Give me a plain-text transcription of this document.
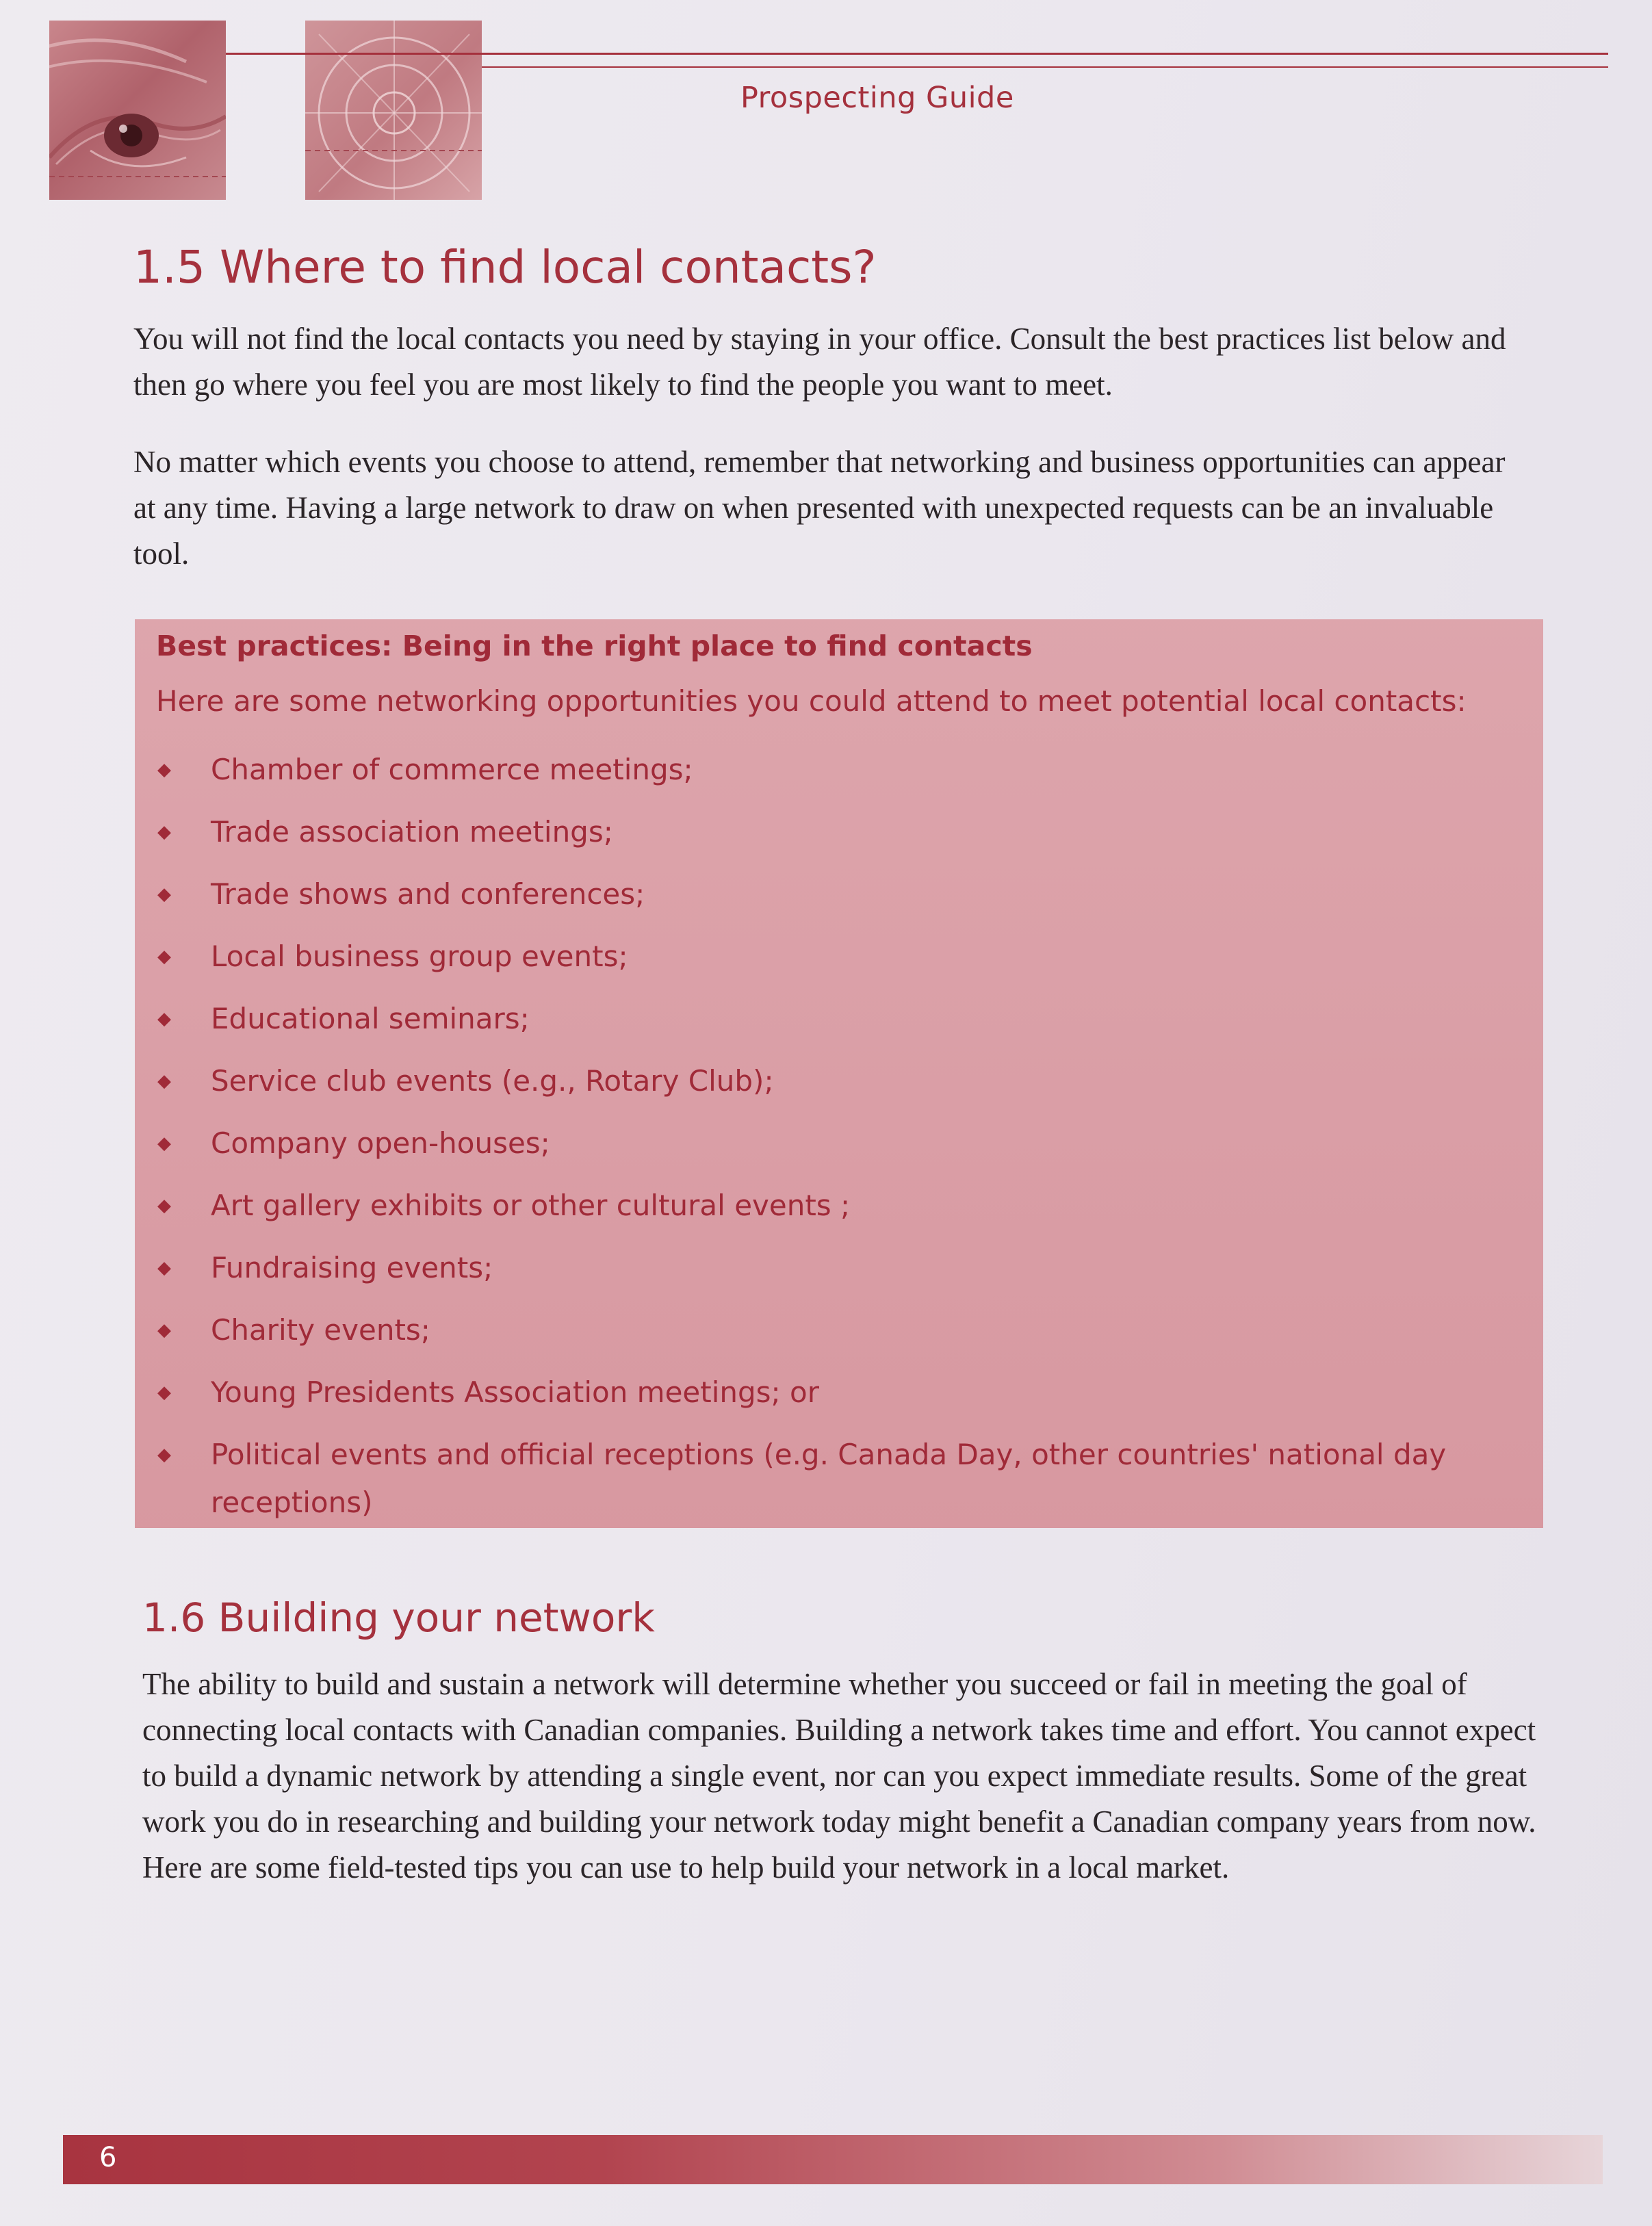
Prospecting Guide
1.5 Where to find local contacts?

You will not find the local contacts you need by staying in your office. Consult the best practices list below and then go where you feel you are most likely to find the people you want to meet.

No matter which events you choose to attend, remember that networking and business opportunities can appear at any time. Having a large network to draw on when presented with unexpected requests can be an invaluable tool.

Best practices: Being in the right place to find contacts
Here are some networking opportunities you could attend to meet potential local contacts:
◆ Chamber of commerce meetings;
◆ Trade association meetings;
◆ Trade shows and conferences;
◆ Local business group events;
◆ Educational seminars;
◆ Service club events (e.g., Rotary Club);
◆ Company open-houses;
◆ Art gallery exhibits or other cultural events ;
◆ Fundraising events;
◆ Charity events;
◆ Young Presidents Association meetings; or
◆ Political events and official receptions (e.g. Canada Day, other countries' national day receptions)
1.6 Building your network

The ability to build and sustain a network will determine whether you succeed or fail in meeting the goal of connecting local contacts with Canadian companies. Building a network takes time and effort. You cannot expect to build a dynamic network by attending a single event, nor can you expect immediate results. Some of the great work you do in researching and building your network today might benefit a Canadian company years from now. Here are some field-tested tips you can use to help build your network in a local market.

6
